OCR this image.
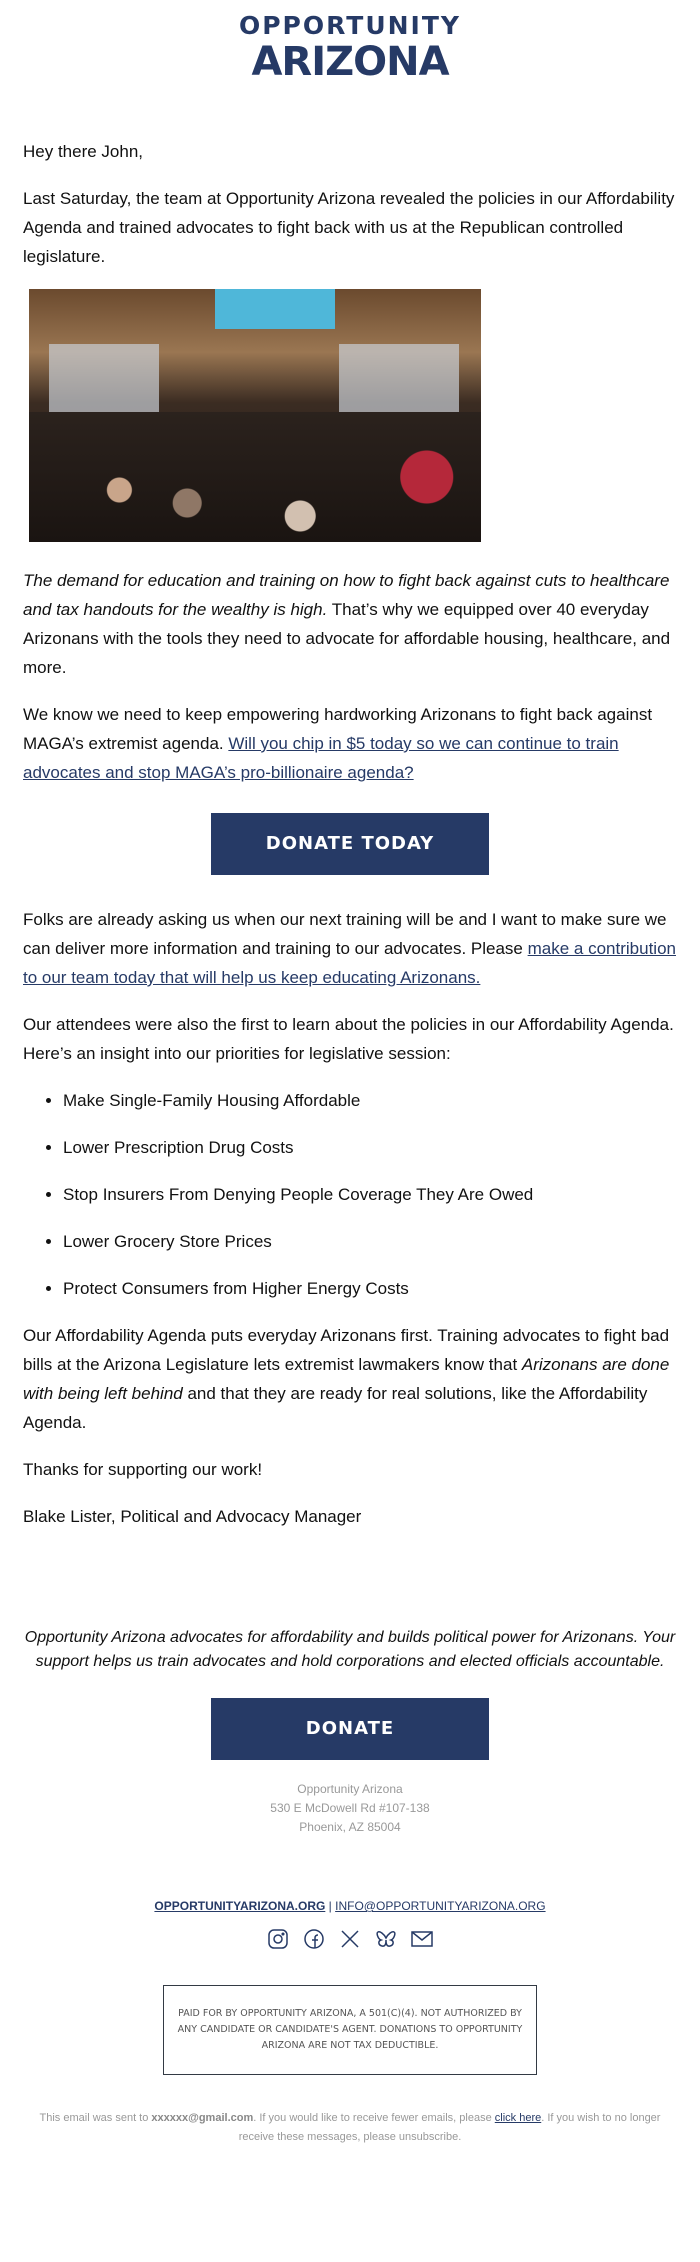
OPPORTUNITY
ARIZONA

Hey there John,

Last Saturday, the team at Opportunity Arizona revealed the policies in our Affordability Agenda and trained advocates to fight back with us at the Republican controlled legislature.

The demand for education and training on how to fight back against cuts to healthcare and tax handouts for the wealthy is high. That’s why we equipped over 40 everyday Arizonans with the tools they need to advocate for affordable housing, healthcare, and more.

We know we need to keep empowering hardworking Arizonans to fight back against MAGA’s extremist agenda. Will you chip in $5 today so we can continue to train advocates and stop MAGA’s pro-billionaire agenda?

DONATE TODAY

Folks are already asking us when our next training will be and I want to make sure we can deliver more information and training to our advocates. Please make a contribution to our team today that will help us keep educating Arizonans.

Our attendees were also the first to learn about the policies in our Affordability Agenda. Here’s an insight into our priorities for legislative session:

• Make Single-Family Housing Affordable
• Lower Prescription Drug Costs
• Stop Insurers From Denying People Coverage They Are Owed
• Lower Grocery Store Prices
• Protect Consumers from Higher Energy Costs

Our Affordability Agenda puts everyday Arizonans first. Training advocates to fight bad bills at the Arizona Legislature lets extremist lawmakers know that Arizonans are done with being left behind and that they are ready for real solutions, like the Affordability Agenda.

Thanks for supporting our work!

Blake Lister, Political and Advocacy Manager

Opportunity Arizona advocates for affordability and builds political power for Arizonans. Your support helps us train advocates and hold corporations and elected officials accountable.
DONATE
Opportunity Arizona
530 E McDowell Rd #107-138
Phoenix, AZ 85004
OPPORTUNITYARIZONA.ORG | INFO@OPPORTUNITYARIZONA.ORG
PAID FOR BY OPPORTUNITY ARIZONA, A 501(C)(4). NOT AUTHORIZED BY ANY CANDIDATE OR CANDIDATE'S AGENT. DONATIONS TO OPPORTUNITY ARIZONA ARE NOT TAX DEDUCTIBLE.
This email was sent to xxxxxx@gmail.com. If you would like to receive fewer emails, please click here. If you wish to no longer receive these messages, please unsubscribe.
